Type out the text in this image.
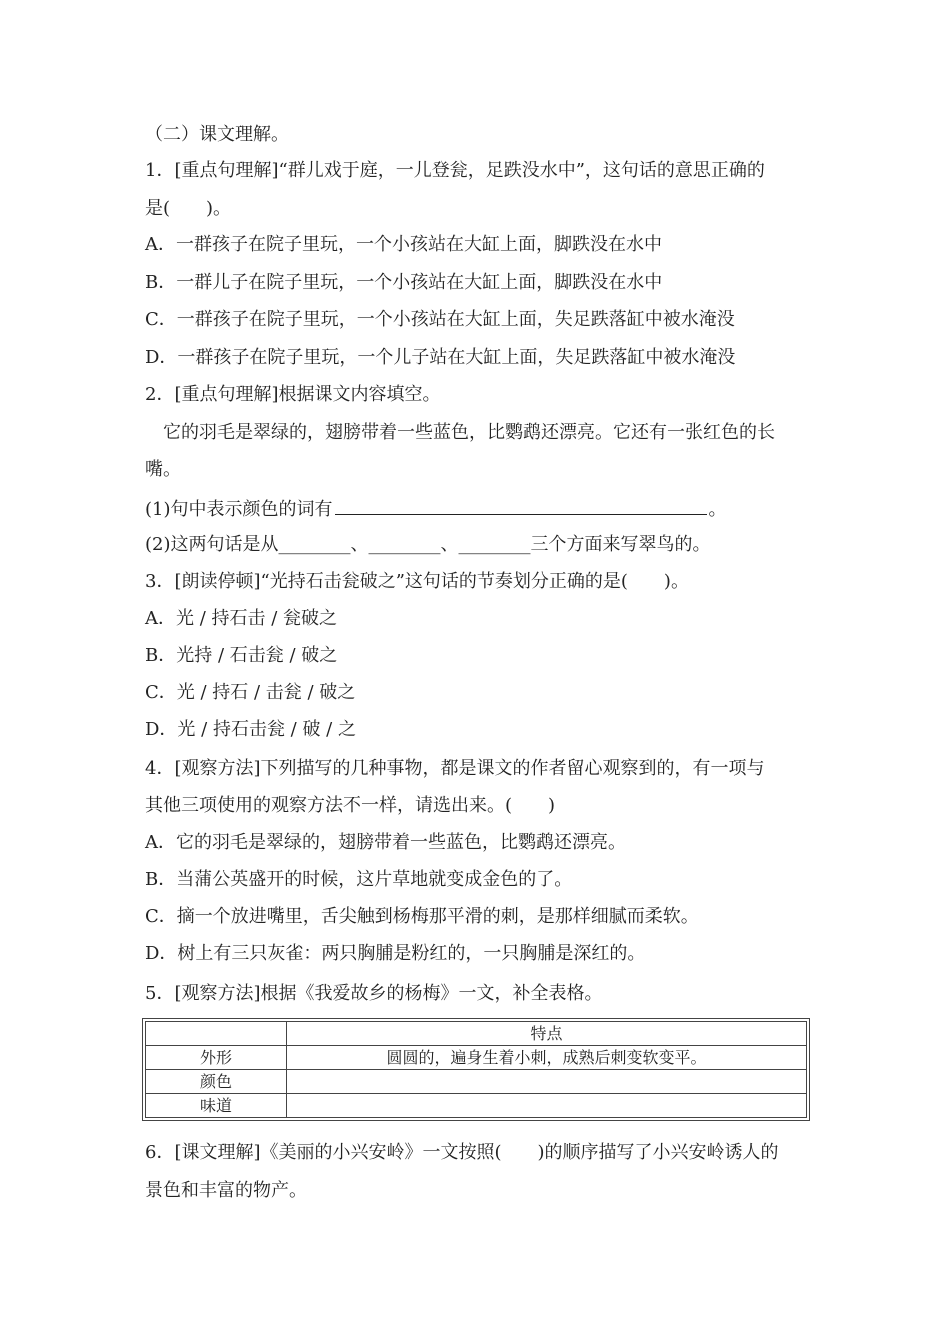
（二）课文理解。
1．[重点句理解]“群儿戏于庭，一儿登瓮，足跌没水中”，这句话的意思正确的
是(　　)。
A．一群孩子在院子里玩，一个小孩站在大缸上面，脚跌没在水中
B．一群儿子在院子里玩，一个小孩站在大缸上面，脚跌没在水中
C．一群孩子在院子里玩，一个小孩站在大缸上面，失足跌落缸中被水淹没
D．一群孩子在院子里玩，一个儿子站在大缸上面，失足跌落缸中被水淹没
2．[重点句理解]根据课文内容填空。
　它的羽毛是翠绿的，翅膀带着一些蓝色，比鹦鹉还漂亮。它还有一张红色的长
嘴。
(1)句中表示颜色的词有	。
(2)这两句话是从________、________、________三个方面来写翠鸟的。
3．[朗读停顿]“光持石击瓮破之”这句话的节奏划分正确的是(　　)。
A．光 / 持石击 / 瓮破之
B．光持 / 石击瓮 / 破之
C．光 / 持石 / 击瓮 / 破之
D．光 / 持石击瓮 / 破 / 之
4．[观察方法]下列描写的几种事物，都是课文的作者留心观察到的，有一项与
其他三项使用的观察方法不一样，请选出来。(　　)
A．它的羽毛是翠绿的，翅膀带着一些蓝色，比鹦鹉还漂亮。
B．当蒲公英盛开的时候，这片草地就变成金色的了。
C．摘一个放进嘴里，舌尖触到杨梅那平滑的刺，是那样细腻而柔软。
D．树上有三只灰雀：两只胸脯是粉红的，一只胸脯是深红的。
5．[观察方法]根据《我爱故乡的杨梅》一文，补全表格。
	特点
外形	圆圆的，遍身生着小刺，成熟后刺变软变平。
颜色	
味道	
6．[课文理解]《美丽的小兴安岭》一文按照(　　)的顺序描写了小兴安岭诱人的
景色和丰富的物产。
